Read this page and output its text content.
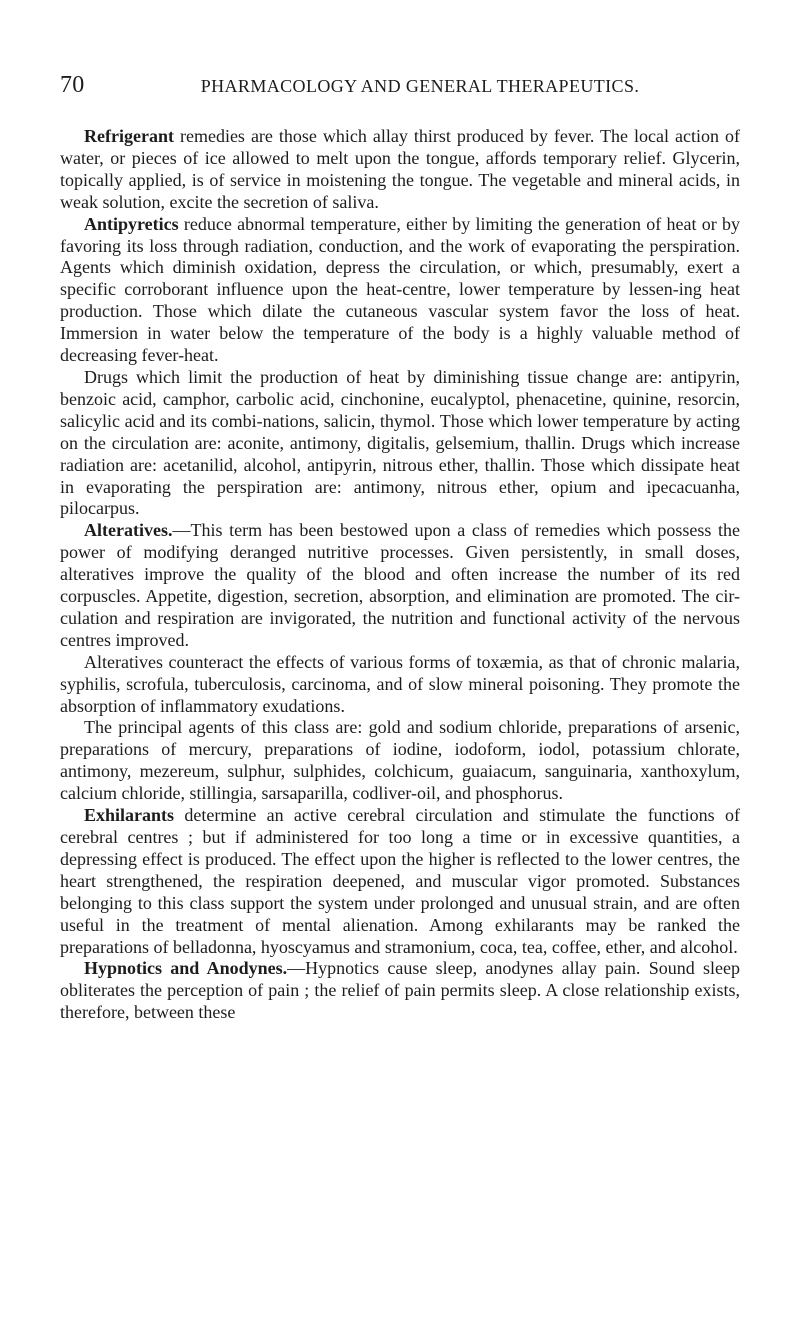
70	PHARMACOLOGY AND GENERAL THERAPEUTICS.

Refrigerant remedies are those which allay thirst produced by fever. The local action of water, or pieces of ice allowed to melt upon the tongue, affords temporary relief. Glycerin, topically applied, is of service in moistening the tongue. The vegetable and mineral acids, in weak solution, excite the secretion of saliva.

Antipyretics reduce abnormal temperature, either by limiting the generation of heat or by favoring its loss through radiation, conduction, and the work of evaporating the perspiration. Agents which diminish oxidation, depress the circulation, or which, presumably, exert a specific corroborant influence upon the heat-centre, lower temperature by lessen-ing heat production. Those which dilate the cutaneous vascular system favor the loss of heat. Immersion in water below the temperature of the body is a highly valuable method of decreasing fever-heat.

Drugs which limit the production of heat by diminishing tissue change are: antipyrin, benzoic acid, camphor, carbolic acid, cinchonine, eucalyptol, phenacetine, quinine, resorcin, salicylic acid and its combi-nations, salicin, thymol. Those which lower temperature by acting on the circulation are: aconite, antimony, digitalis, gelsemium, thallin. Drugs which increase radiation are: acetanilid, alcohol, antipyrin, nitrous ether, thallin. Those which dissipate heat in evaporating the perspiration are: antimony, nitrous ether, opium and ipecacuanha, pilocarpus.

Alteratives.—This term has been bestowed upon a class of remedies which possess the power of modifying deranged nutritive processes. Given persistently, in small doses, alteratives improve the quality of the blood and often increase the number of its red corpuscles. Appetite, digestion, secretion, absorption, and elimination are promoted. The cir-culation and respiration are invigorated, the nutrition and functional activity of the nervous centres improved.

Alteratives counteract the effects of various forms of toxæmia, as that of chronic malaria, syphilis, scrofula, tuberculosis, carcinoma, and of slow mineral poisoning. They promote the absorption of inflammatory exudations.

The principal agents of this class are: gold and sodium chloride, preparations of arsenic, preparations of mercury, preparations of iodine, iodoform, iodol, potassium chlorate, antimony, mezereum, sulphur, sulphides, colchicum, guaiacum, sanguinaria, xanthoxylum, calcium chloride, stillingia, sarsaparilla, codliver-oil, and phosphorus.

Exhilarants determine an active cerebral circulation and stimulate the functions of cerebral centres ; but if administered for too long a time or in excessive quantities, a depressing effect is produced. The effect upon the higher is reflected to the lower centres, the heart strengthened, the respiration deepened, and muscular vigor promoted. Substances belonging to this class support the system under prolonged and unusual strain, and are often useful in the treatment of mental alienation. Among exhilarants may be ranked the preparations of belladonna, hyoscyamus and stramonium, coca, tea, coffee, ether, and alcohol.

Hypnotics and Anodynes.—Hypnotics cause sleep, anodynes allay pain. Sound sleep obliterates the perception of pain ; the relief of pain permits sleep. A close relationship exists, therefore, between these
